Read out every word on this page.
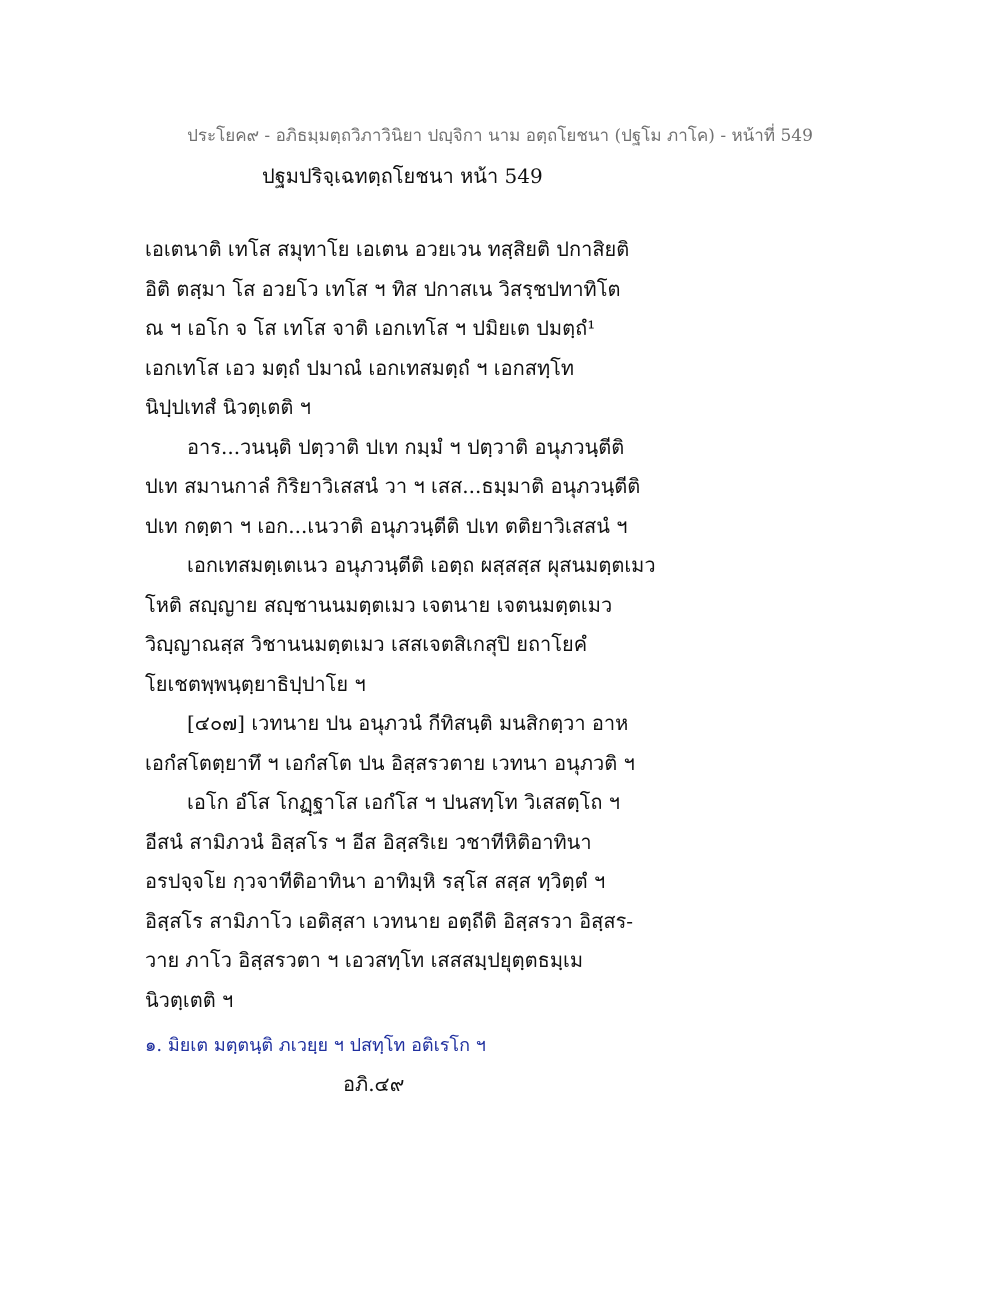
ประโยค๙ - อภิธมฺมตฺถวิภาวินิยา ปญฺจิกา นาม อตฺถโยชนา (ปฐโม ภาโค) - หน้าที่ 549
ปฐมปริจฺเฉทตฺถโยชนา หน้า 549
เอเตนาติ เทโส สมุทาโย เอเตน อวยเวน ทสฺสิยติ ปกาสิยติ
อิติ ตสฺมา โส อวยโว เทโส ฯ ทิส ปกาสเน วิสรฺชปทาทิโต
ณ ฯ เอโก จ โส เทโส จาติ เอกเทโส ฯ ปมิยเต ปมตฺถํ¹
เอกเทโส เอว มตฺถํ ปมาณํ เอกเทสมตฺถํ ฯ เอกสทฺโท
นิปฺปเทสํ นิวตฺเตติ ฯ
อาร...วนนฺติ ปตฺวาติ ปเท กมฺมํ ฯ ปตฺวาติ อนุภวนฺตีติ
ปเท สมานกาลํ กิริยาวิเสสนํ วา ฯ เสส...ธมฺมาติ อนุภวนฺตีติ
ปเท กตฺตา ฯ เอก...เนวาติ อนุภวนฺตีติ ปเท ตติยาวิเสสนํ ฯ
เอกเทสมตฺเตเนว อนุภวนฺตีติ เอตฺถ ผสฺสสฺส ผุสนมตฺตเมว
โหติ สญฺญาย สญฺชานนมตฺตเมว เจตนาย เจตนมตฺตเมว
วิญฺญาณสฺส วิชานนมตฺตเมว เสสเจตสิเกสุปิ ยถาโยคํ
โยเชตพฺพนฺตฺยาธิปฺปาโย ฯ
[๔๐๗] เวทนาย ปน อนุภวนํ กีทิสนฺติ มนสิกตฺวา อาห
เอกํสโตตฺยาทึ ฯ เอกํสโต ปน อิสฺสรวตาย เวทนา อนุภวติ ฯ
เอโก อํโส โกฏฺฐาโส เอกํโส ฯ ปนสทฺโท วิเสสตฺโถ ฯ
อีสนํ สามิภวนํ อิสฺสโร ฯ อีส อิสฺสริเย วชาทีหิติอาทินา
อรปจฺจโย กฺวจาทีติอาทินา อาทิมฺหิ รสฺโส สสฺส ทฺวิตฺตํ ฯ
อิสฺสโร สามิภาโว เอติสฺสา เวทนาย อตฺถีติ อิสฺสรวา อิสฺสร-
วาย ภาโว อิสฺสรวตา ฯ เอวสทฺโท เสสสมฺปยุตฺตธมฺเม
นิวตฺเตติ ฯ
๑. มิยเต มตฺตนฺติ ภเวยฺย ฯ ปสทฺโท อติเรโก ฯ
อภิ.๔๙
